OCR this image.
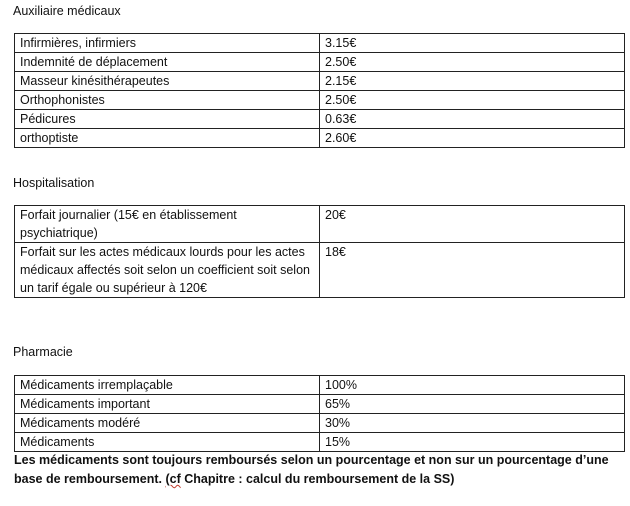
Auxiliaire médicaux
Infirmières, infirmiers	3.15€
Indemnité de déplacement	2.50€
Masseur kinésithérapeutes	2.15€
Orthophonistes	2.50€
Pédicures	0.63€
orthoptiste	2.60€
Hospitalisation
Forfait journalier (15€ en établissement psychiatrique)	20€
Forfait sur les actes médicaux lourds pour les actes médicaux affectés soit selon un coefficient soit selon un tarif égale ou supérieur à 120€	18€
Pharmacie
Médicaments irremplaçable	100%
Médicaments important	65%
Médicaments modéré	30%
Médicaments	15%
Les médicaments sont toujours remboursés selon un pourcentage et non sur un pourcentage d’une base de remboursement. (cf Chapitre : calcul du remboursement de la SS)
